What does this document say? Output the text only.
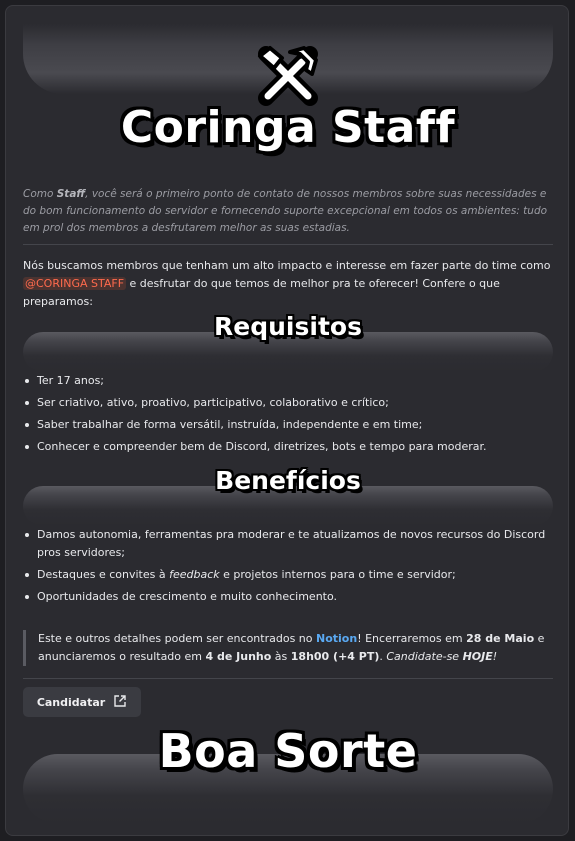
Coringa Staff
Como Staff, você será o primeiro ponto de contato de nossos membros sobre suas necessidades e do bom funcionamento do servidor e fornecendo suporte excepcional em todos os ambientes: tudo em prol dos membros a desfrutarem melhor as suas estadias.
Nós buscamos membros que tenham um alto impacto e interesse em fazer parte do time como @CORINGA STAFF e desfrutar do que temos de melhor pra te oferecer! Confere o que preparamos:
Requisitos
Ter 17 anos;
Ser criativo, ativo, proativo, participativo, colaborativo e crítico;
Saber trabalhar de forma versátil, instruída, independente e em time;
Conhecer e compreender bem de Discord, diretrizes, bots e tempo para moderar.
Benefícios
Damos autonomia, ferramentas pra moderar e te atualizamos de novos recursos do Discord pros servidores;
Destaques e convites à feedback e projetos internos para o time e servidor;
Oportunidades de crescimento e muito conhecimento.
Este e outros detalhes podem ser encontrados no Notion! Encerraremos em 28 de Maio e anunciaremos o resultado em 4 de Junho às 18h00 (+4 PT). Candidate-se HOJE!
Candidatar
Boa Sorte
